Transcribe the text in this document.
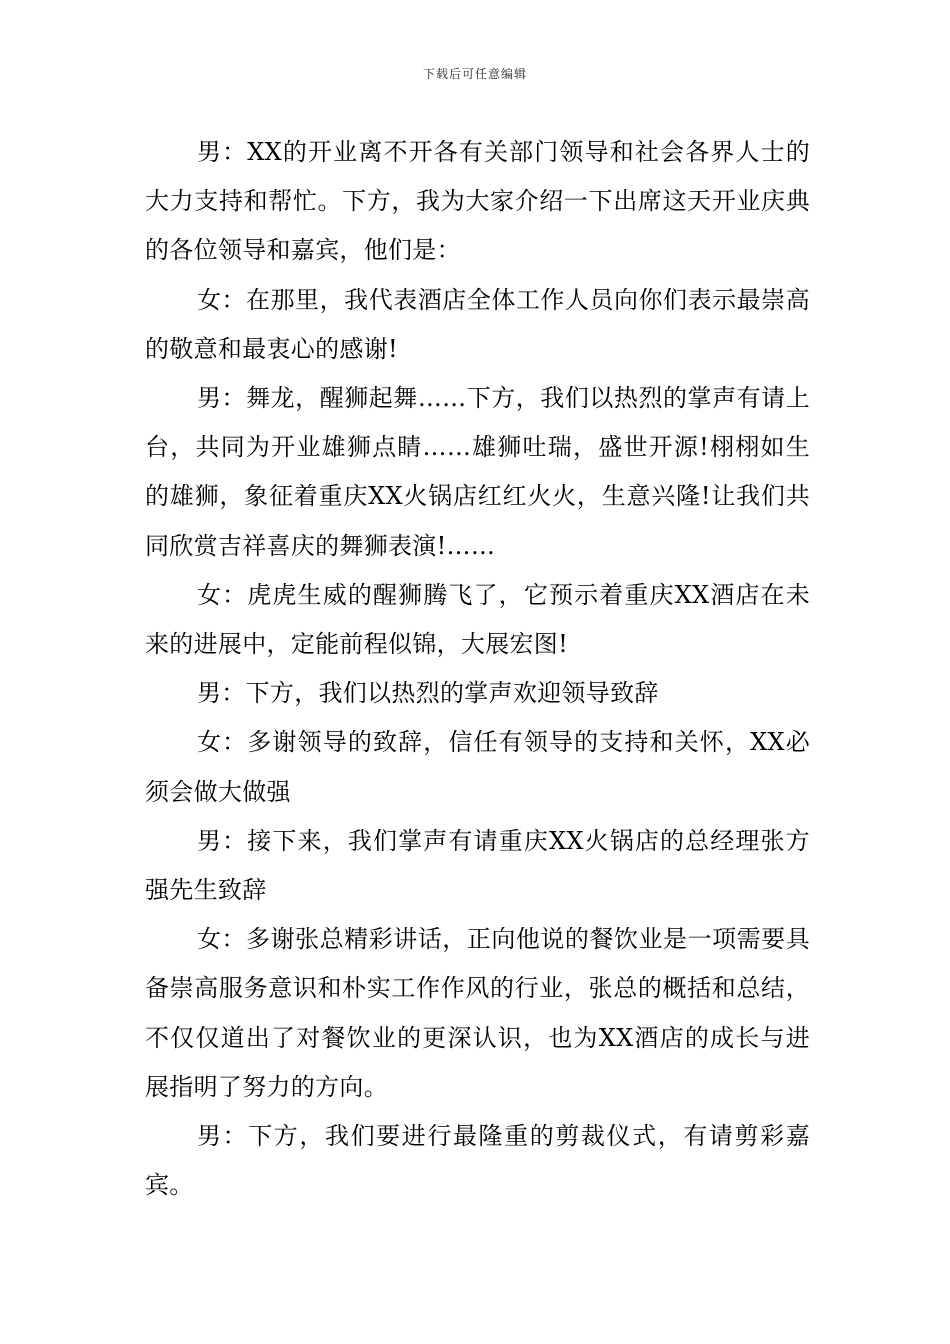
下载后可任意编辑

男：XX的开业离不开各有关部门领导和社会各界人士的大力支持和帮忙。下方，我为大家介绍一下出席这天开业庆典的各位领导和嘉宾，他们是：

女：在那里，我代表酒店全体工作人员向你们表示最崇高的敬意和最衷心的感谢!

男：舞龙，醒狮起舞……下方，我们以热烈的掌声有请上台，共同为开业雄狮点睛……雄狮吐瑞，盛世开源!栩栩如生的雄狮，象征着重庆XX火锅店红红火火，生意兴隆!让我们共同欣赏吉祥喜庆的舞狮表演!……

女：虎虎生威的醒狮腾飞了，它预示着重庆XX酒店在未来的进展中，定能前程似锦，大展宏图!

男：下方，我们以热烈的掌声欢迎领导致辞

女：多谢领导的致辞，信任有领导的支持和关怀，XX必须会做大做强

男：接下来，我们掌声有请重庆XX火锅店的总经理张方强先生致辞

女：多谢张总精彩讲话，正向他说的餐饮业是一项需要具备崇高服务意识和朴实工作作风的行业，张总的概括和总结，不仅仅道出了对餐饮业的更深认识，也为XX酒店的成长与进展指明了努力的方向。

男：下方，我们要进行最隆重的剪裁仪式，有请剪彩嘉宾。
